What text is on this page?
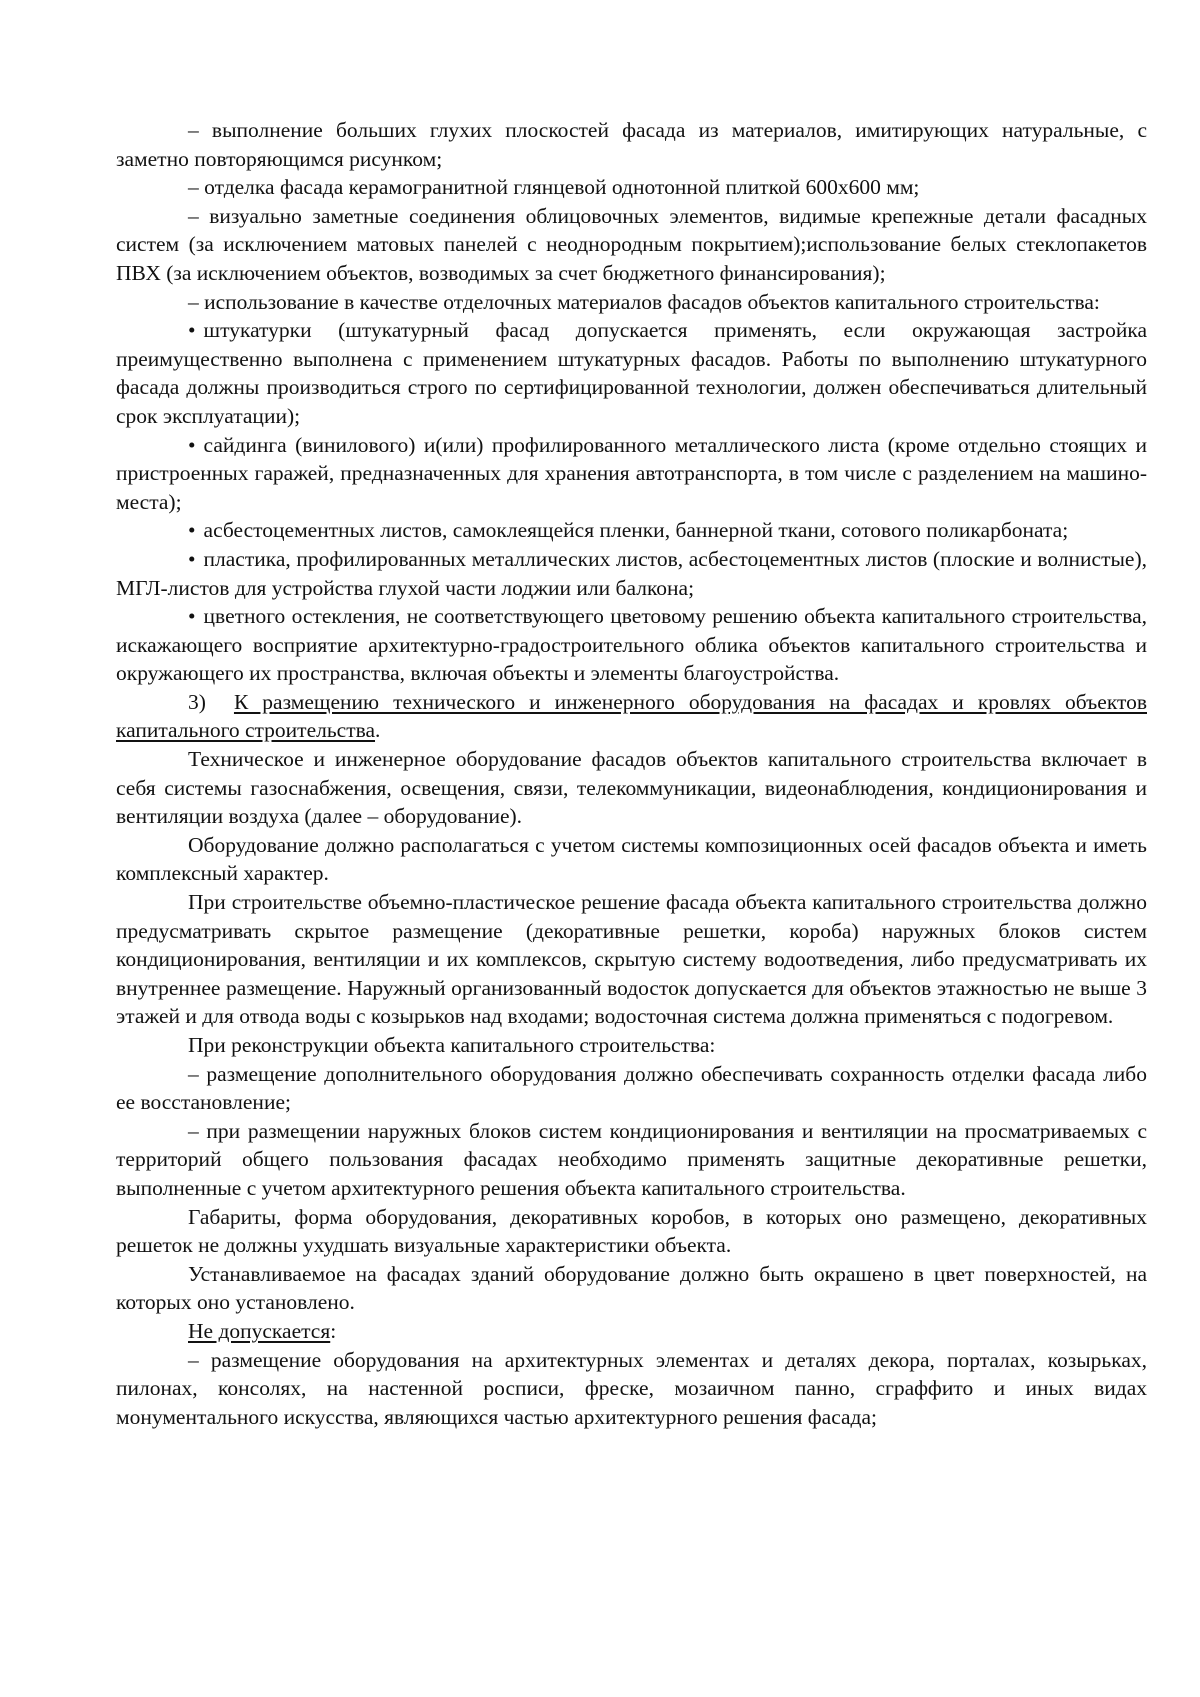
– выполнение больших глухих плоскостей фасада из материалов, имитирующих натуральные, с заметно повторяющимся рисунком;

– отделка фасада керамогранитной глянцевой однотонной плиткой 600х600 мм;

– визуально заметные соединения облицовочных элементов, видимые крепежные детали фасадных систем (за исключением матовых панелей с неоднородным покрытием);использование белых стеклопакетов ПВХ (за исключением объектов, возводимых за счет бюджетного финансирования);

– использование в качестве отделочных материалов фасадов объектов капитального строительства:

• штукатурки (штукатурный фасад допускается применять, если окружающая застройка преимущественно выполнена с применением штукатурных фасадов. Работы по выполнению штукатурного фасада должны производиться строго по сертифицированной технологии, должен обеспечиваться длительный срок эксплуатации);

• сайдинга (винилового) и(или) профилированного металлического листа (кроме отдельно стоящих и пристроенных гаражей, предназначенных для хранения автотранспорта, в том числе с разделением на машино-места);

• асбестоцементных листов, самоклеящейся пленки, баннерной ткани, сотового поликарбоната;

• пластика, профилированных металлических листов, асбестоцементных листов (плоские и волнистые), МГЛ-листов для устройства глухой части лоджии или балкона;

• цветного остекления, не соответствующего цветовому решению объекта капитального строительства, искажающего восприятие архитектурно-градостроительного облика объектов капитального строительства и окружающего их пространства, включая объекты и элементы благоустройства.

3) К размещению технического и инженерного оборудования на фасадах и кровлях объектов капитального строительства.

Техническое и инженерное оборудование фасадов объектов капитального строительства включает в себя системы газоснабжения, освещения, связи, телекоммуникации, видеонаблюдения, кондиционирования и вентиляции воздуха (далее – оборудование).

Оборудование должно располагаться с учетом системы композиционных осей фасадов объекта и иметь комплексный характер.

При строительстве объемно-пластическое решение фасада объекта капитального строительства должно предусматривать скрытое размещение (декоративные решетки, короба) наружных блоков систем кондиционирования, вентиляции и их комплексов, скрытую систему водоотведения, либо предусматривать их внутреннее размещение. Наружный организованный водосток допускается для объектов этажностью не выше 3 этажей и для отвода воды с козырьков над входами; водосточная система должна применяться с подогревом.

При реконструкции объекта капитального строительства:

– размещение дополнительного оборудования должно обеспечивать сохранность отделки фасада либо ее восстановление;

– при размещении наружных блоков систем кондиционирования и вентиляции на просматриваемых с территорий общего пользования фасадах необходимо применять защитные декоративные решетки, выполненные с учетом архитектурного решения объекта капитального строительства.

Габариты, форма оборудования, декоративных коробов, в которых оно размещено, декоративных решеток не должны ухудшать визуальные характеристики объекта.

Устанавливаемое на фасадах зданий оборудование должно быть окрашено в цвет поверхностей, на которых оно установлено.

Не допускается:

– размещение оборудования на архитектурных элементах и деталях декора, порталах, козырьках, пилонах, консолях, на настенной росписи, фреске, мозаичном панно, сграффито и иных видах монументального искусства, являющихся частью архитектурного решения фасада;
